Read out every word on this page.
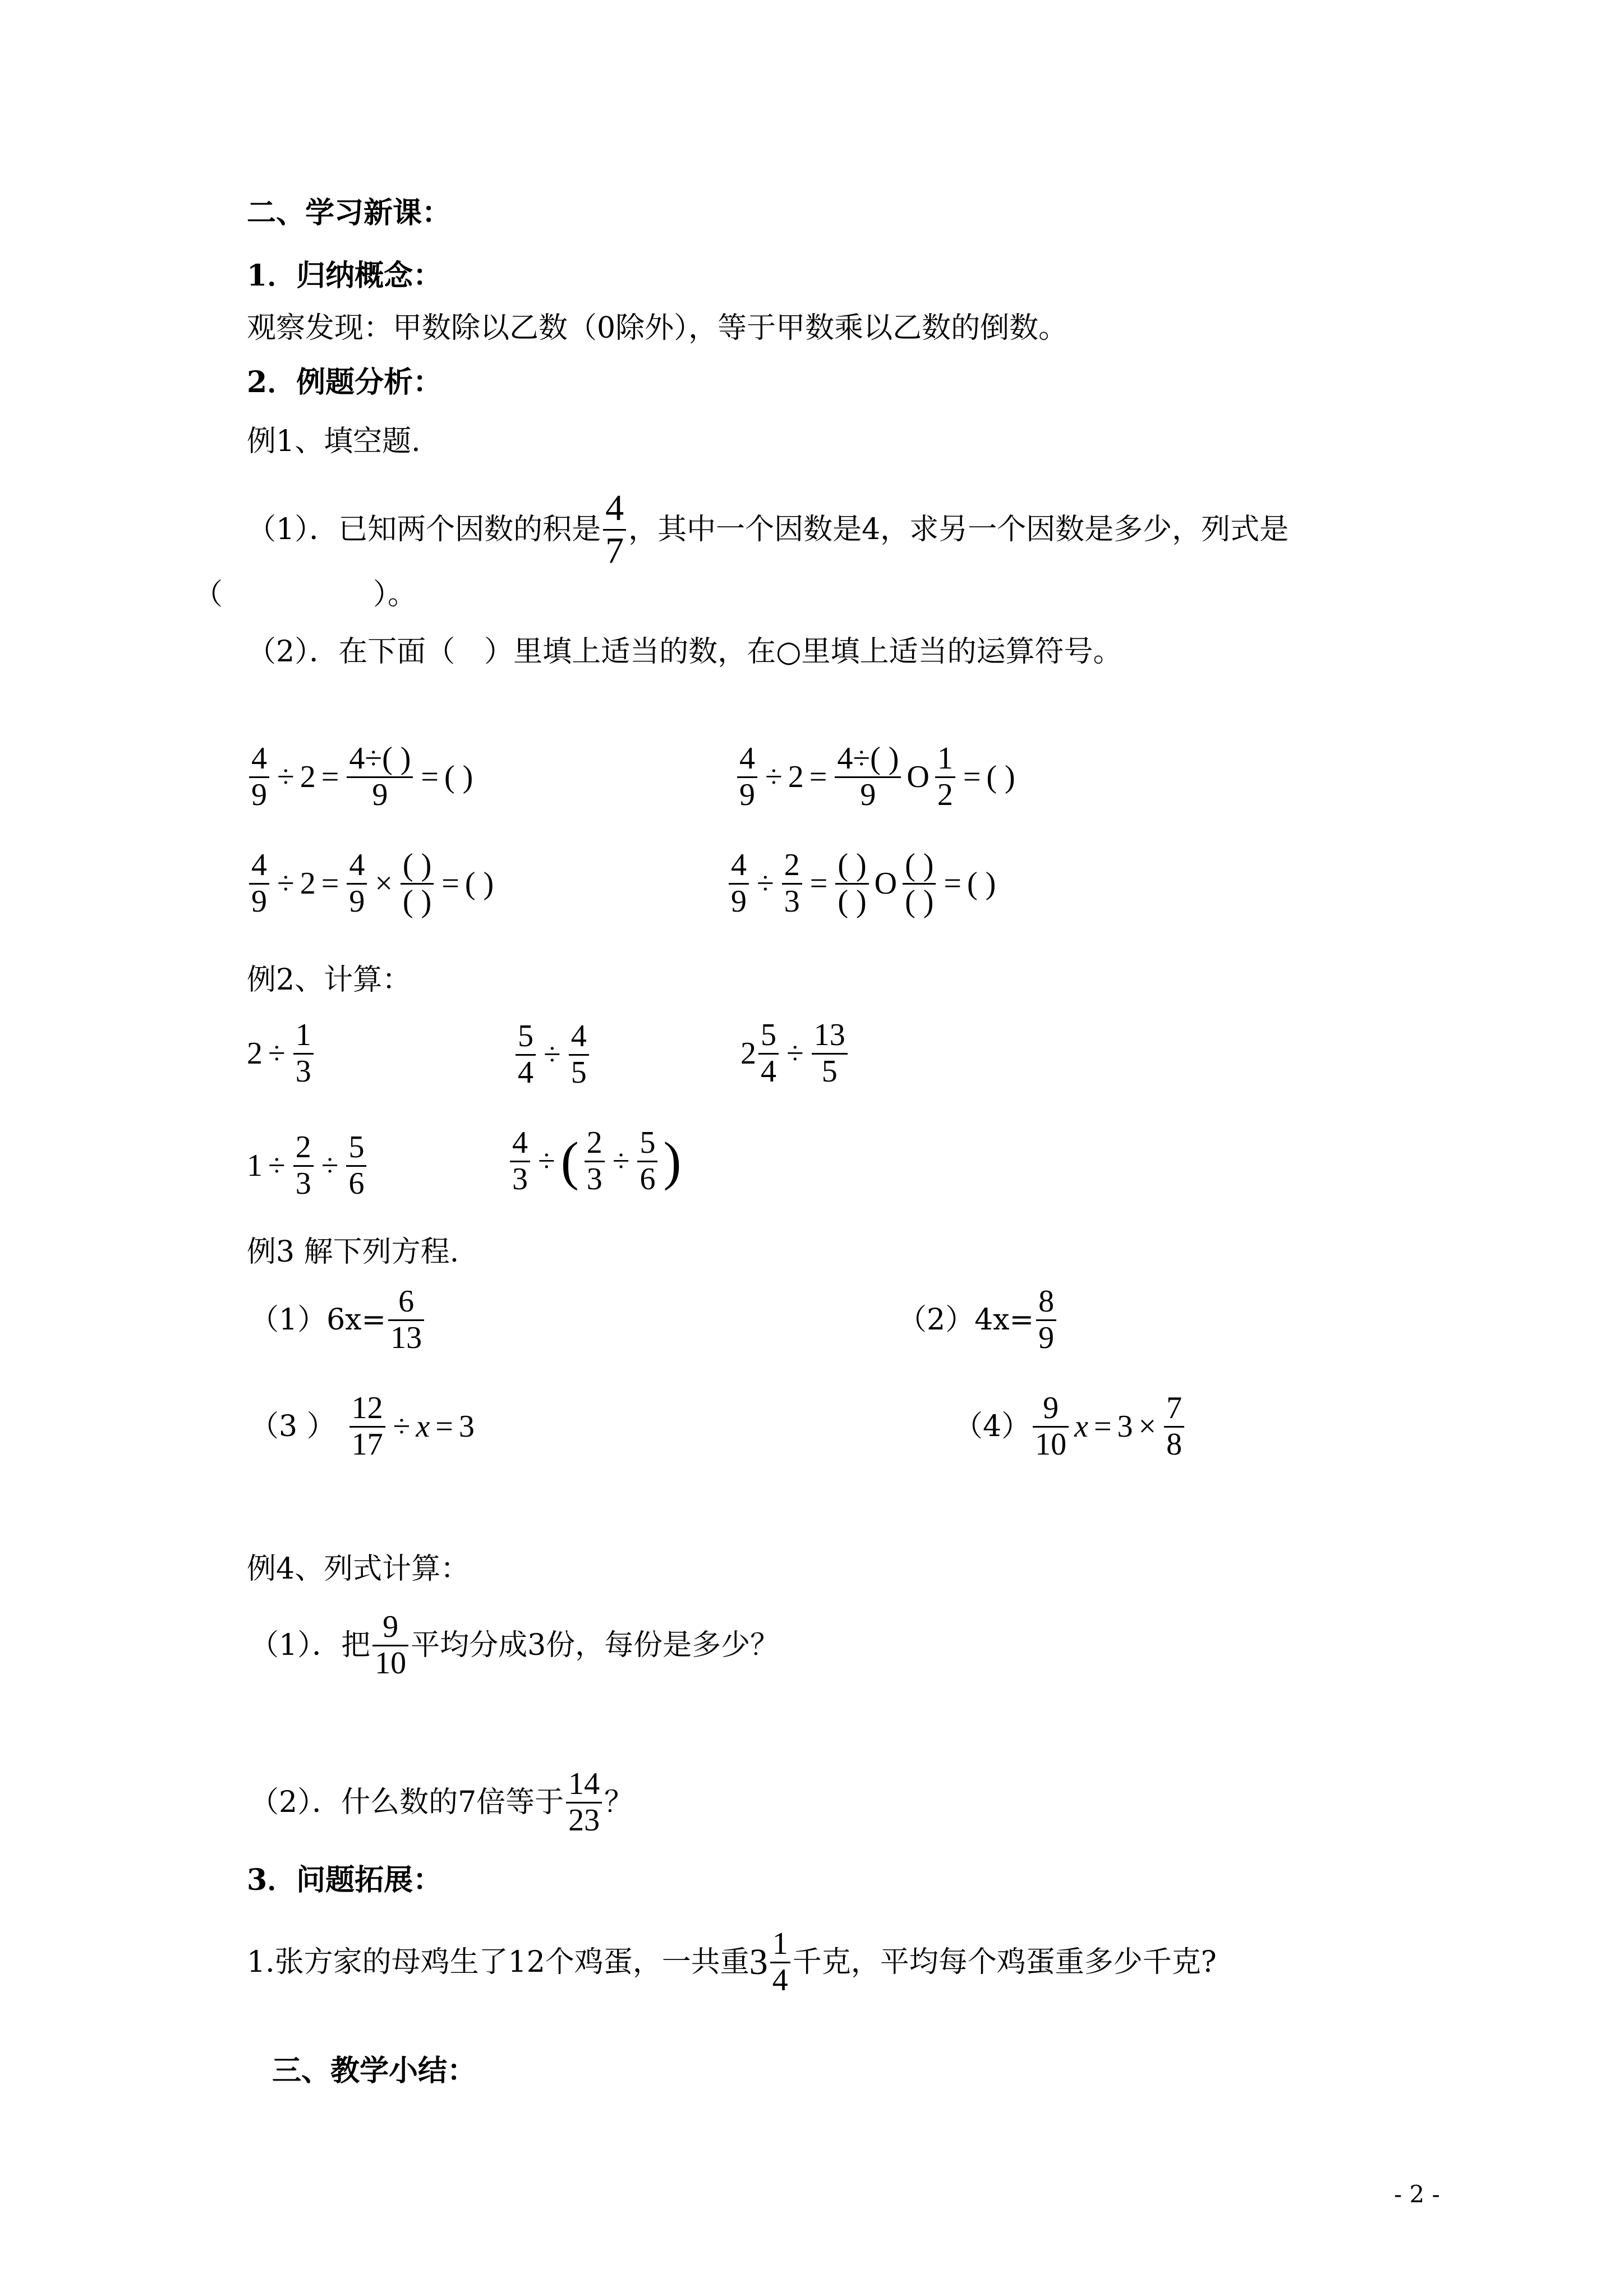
二、学习新课：
1．归纳概念：
观察发现：甲数除以乙数（0除外），等于甲数乘以乙数的倒数。
2．例题分析：
例1、填空题.
（1）．已知两个因数的积是 $\frac{4}{7}$ ，其中一个因数是4，求另一个因数是多少，列式是
（	）。
（2）．在下面（　）里填上适当的数，在○里填上适当的运算符号。
$\frac{4}{9} \div 2 = \frac{4\div( )}{9}$ = ( )	$\frac{4}{9} \div 2 = \frac{4\div( )}{9}$ O $\frac{1}{2}$ = ( )
$\frac{4}{9} \div 2 = \frac{4}{9} \times \frac{( )}{( )}$ = ( )	$\frac{4}{9} \div \frac{2}{3} = \frac{( )}{( )}$ O $\frac{( )}{( )}$ = ( )
例2、计算：
$2 \div \frac{1}{3}$	$\frac{5}{4} \div \frac{4}{5}$	$2 \frac{5}{4} \div \frac{13}{5}$
$1 \div \frac{2}{3} \div \frac{5}{6}$	$\frac{4}{3}$ ÷ ( $\frac{2}{3} \div \frac{5}{6}$ )
例3 解下列方程.
$(1)6x= \frac{6}{13}$	$(2)4x= \frac{8}{9}$
（3 ） $\frac{12}{17} \div x = 3$	$(4) \frac{9}{10}$ $x = 3 \times \frac{7}{8}$
例4、列式计算：
（1）．把 $\frac{9}{10}$ 平均分成3份，每份是多少？
（2）．什么数的7倍等于 $\frac{14}{23}$ ？
3．问题拓展：
1.张方家的母鸡生了12个鸡蛋，一共重 $3 \frac{1}{4}$ 千克，平均每个鸡蛋重多少千克?
三、教学小结：
- 2 -
